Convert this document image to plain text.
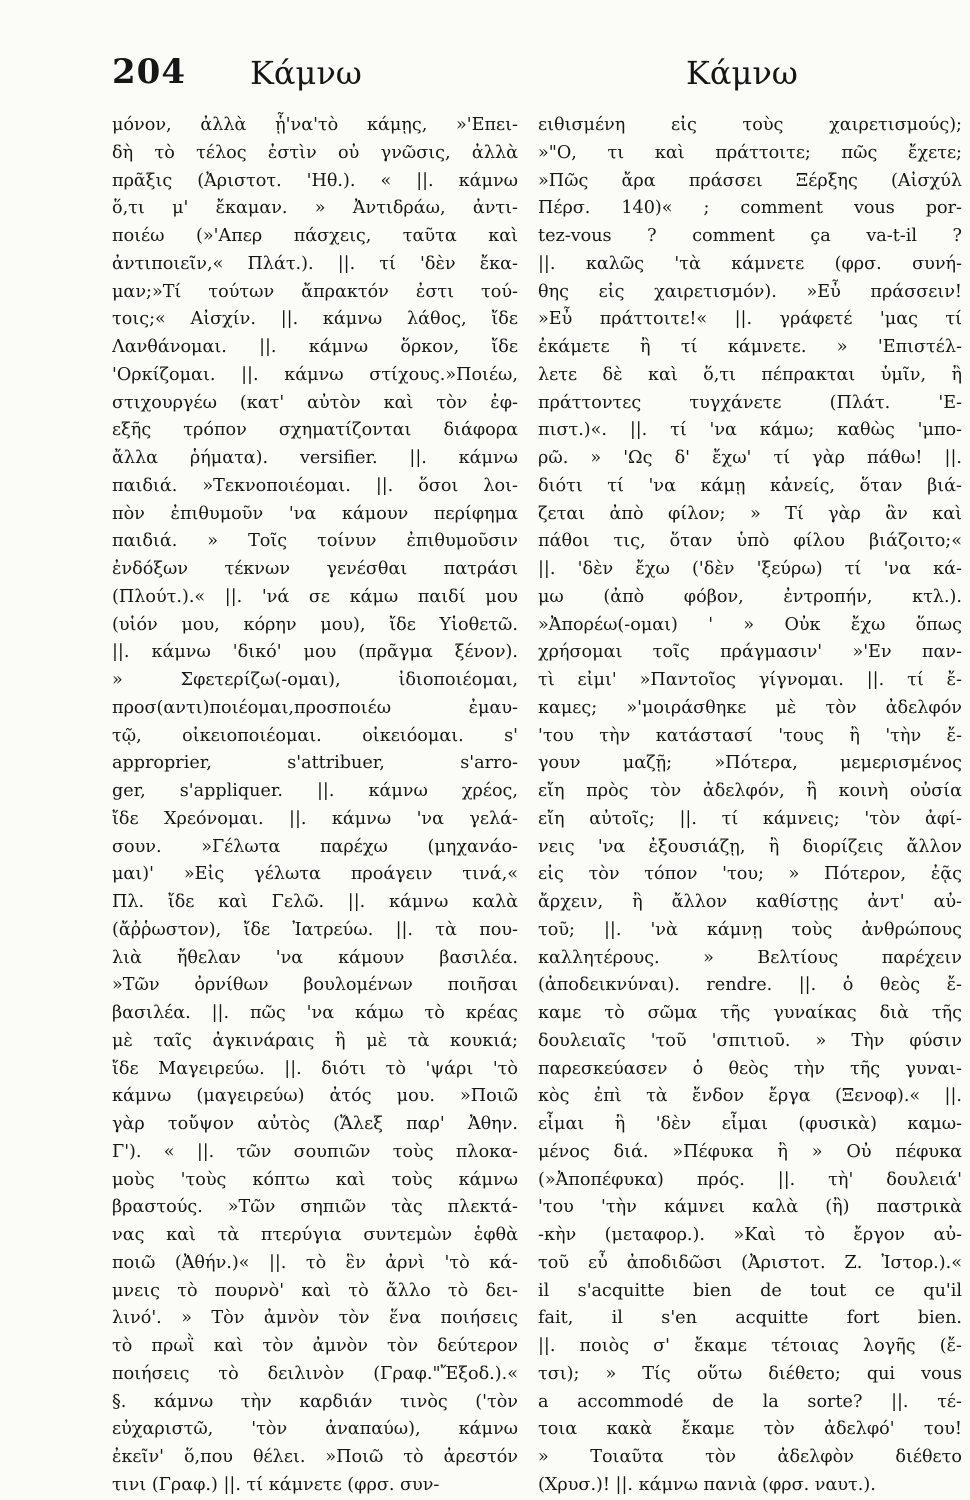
204 Κάμνω	Κάμνω
μόνον, ἀλλὰ ᾗ'να'τὸ κάμῃς, »'Επει-
δὴ τὸ τέλος ἐστὶν οὐ γνῶσις, ἀλλὰ
πρᾶξις (Ἀριστοτ. 'Ηθ.). « ||. κάμνω
ὅ,τι μ' ἔκαμαν. » Ἀντιδράω, ἀντι-
ποιέω (»'Απερ πάσχεις, ταῦτα καὶ
ἀντιποιεῖν,« Πλάτ.). ||. τί 'δὲν ἔκα-
μαν;»Τί τούτων ἄπρακτόν ἐστι τού-
τοις;« Αἰσχίν. ||. κάμνω λάθος, ἴδε
Λανθάνομαι. ||. κάμνω ὅρκον, ἴδε
'Ορκίζομαι. ||. κάμνω στίχους.»Ποιέω,
στιχουργέω (κατ' αὐτὸν καὶ τὸν ἐφ-
εξῆς τρόπον σχηματίζονται διάφορα
ἄλλα ῥήματα). versifier. ||. κάμνω
παιδιά. »Τεκνοποιέομαι. ||. ὅσοι λοι-
πὸν ἐπιθυμοῦν 'να κάμουν περίφημα
παιδιά. » Τοῖς τοίνυν ἐπιθυμοῦσιν
ἐνδόξων τέκνων γενέσθαι πατράσι
(Πλούτ.).« ||. 'νά σε κάμω παιδί μου
(υἱόν μου, κόρην μου), ἴδε Υἱοθετῶ.
||. κάμνω 'δικό' μου (πρᾶγμα ξένον).
» Σφετερίζω(-ομαι), ἰδιοποιέομαι,
προσ(αντι)ποιέομαι,προσποιέω ἐμαυ-
τῷ, οἰκειοποιέομαι. οἰκειόομαι. s'
approprier, s'attribuer, s'arro-
ger, s'appliquer. ||. κάμνω χρέος,
ἴδε Χρεόνομαι. ||. κάμνω 'να γελά-
σουν. »Γέλωτα παρέχω (μηχανάο-
μαι)' »Εἰς γέλωτα προάγειν τινά,«
Πλ. ἴδε καὶ Γελῶ. ||. κάμνω καλὰ
(ἄῤῥωστον), ἴδε Ἰατρεύω. ||. τὰ που-
λιὰ ἤθελαν 'να κάμουν βασιλέα.
»Τῶν ὀρνίθων βουλομένων ποιῆσαι
βασιλέα. ||. πῶς 'να κάμω τὸ κρέας
μὲ ταῖς ἀγκινάραις ἢ μὲ τὰ κουκιά;
ἴδε Μαγειρεύω. ||. διότι τὸ 'ψάρι 'τὸ
κάμνω (μαγειρεύω) ἀτός μου. »Ποιῶ
γὰρ τοὔψον αὐτὸς (Ἄλεξ παρ' Ἀθην.
Γ'). « ||. τῶν σουπιῶν τοὺς πλοκα-
μοὺς 'τοὺς κόπτω καὶ τοὺς κάμνω
βραστούς. »Τῶν σηπιῶν τὰς πλεκτά-
νας καὶ τὰ πτερύγια συντεμὼν ἑφθὰ
ποιῶ (Ἀθήν.)« ||. τὸ ἓν ἀρνὶ 'τὸ κά-
μνεις τὸ πουρνὸ' καὶ τὸ ἄλλο τὸ δει-
λινό'. » Τὸν ἀμνὸν τὸν ἕνα ποιήσεις
τὸ πρωῒ καὶ τὸν ἀμνὸν τὸν δεύτερον
ποιήσεις τὸ δειλινὸν (Γραφ."Ἔξοδ.).«
§. κάμνω τὴν καρδιάν τινὸς ('τὸν
εὐχαριστῶ, 'τὸν ἀναπαύω), κάμνω
ἐκεῖν' ὅ,που θέλει. »Ποιῶ τὸ ἀρεστόν
τινι (Γραφ.) ||. τί κάμνετε (φρσ. συν-
ειθισμένη εἰς τοὺς χαιρετισμούς);
»"Ο, τι καὶ πράττοιτε; πῶς ἔχετε;
»Πῶς ἄρα πράσσει Ξέρξης (Αἰσχύλ
Πέρσ. 140)« ; comment vous por-
tez-vous ? comment ça va-t-il ?
||. καλῶς 'τὰ κάμνετε (φρσ. συνή-
θης εἰς χαιρετισμόν). »Εὖ πράσσειν!
»Εὖ πράττοιτε!« ||. γράφετέ 'μας τί
ἐκάμετε ἢ τί κάμνετε. » 'Επιστέλ-
λετε δὲ καὶ ὅ,τι πέπρακται ὑμῖν, ἢ
πράττοντες τυγχάνετε (Πλάτ. 'Ε-
πιστ.)«. ||. τί 'να κάμω; καθὼς 'μπο-
ρῶ. » 'Ως δ' ἔχω' τί γὰρ πάθω! ||.
διότι τί 'να κάμῃ κἀνείς, ὅταν βιά-
ζεται ἀπὸ φίλον; » Τί γὰρ ἂν καὶ
πάθοι τις, ὅταν ὑπὸ φίλου βιάζοιτο;«
||. 'δὲν ἔχω ('δὲν 'ξεύρω) τί 'να κά-
μω (ἀπὸ φόβον, ἐντροπήν, κτλ.).
»Ἀπορέω(-ομαι) ' » Οὐκ ἔχω ὅπως
χρήσομαι τοῖς πράγμασιν' »'Εν παν-
τὶ εἰμι' »Παντοῖος γίγνομαι. ||. τί ἔ-
καμες; »'μοιράσθηκε μὲ τὸν ἀδελφόν
'του τὴν κατάστασί 'τους ἢ 'τὴν ἔ-
γουν μαζῇ; »Πότερα, μεμερισμένος
εἴη πρὸς τὸν ἀδελφόν, ἢ κοινὴ οὐσία
εἴη αὐτοῖς; ||. τί κάμνεις; 'τὸν ἀφί-
νεις 'να ἐξουσιάζῃ, ἢ διορίζεις ἄλλον
εἰς τὸν τόπον 'του; » Πότερον, ἐᾷς
ἄρχειν, ἢ ἄλλον καθίστῃς ἀντ' αὐ-
τοῦ; ||. 'νὰ κάμνῃ τοὺς ἀνθρώπους
καλλητέρους. » Βελτίους παρέχειν
(ἀποδεικνύναι). rendre. ||. ὁ θεὸς ἔ-
καμε τὸ σῶμα τῆς γυναίκας διὰ τῆς
δουλειαῖς 'τοῦ 'σπιτιοῦ. » Τὴν φύσιν
παρεσκεύασεν ὁ θεὸς τὴν τῆς γυναι-
κὸς ἐπὶ τὰ ἔνδον ἔργα (Ξενοφ).« ||.
εἶμαι ἢ 'δὲν εἶμαι (φυσικὰ) καμω-
μένος διά. »Πέφυκα ἢ » Οὐ πέφυκα
(»Ἀποπέφυκα) πρός. ||. τὴ' δουλειά'
'του 'τὴν κάμνει καλὰ (ἢ) παστρικὰ
-κὴν (μεταφορ.). »Καὶ τὸ ἔργον αὐ-
τοῦ εὖ ἀποδιδῶσι (Ἀριστοτ. Ζ. Ἰστορ.).«
il s'acquitte bien de tout ce qu'il
fait, il s'en acquitte fort bien.
||. ποιὸς σ' ἔκαμε τέτοιας λογῆς (ἔ-
τσι); » Τίς οὕτω διέθετο; qui vous
a accommodé de la sorte? ||. τέ-
τοια κακὰ ἔκαμε τὸν ἀδελφό' του!
» Τοιαῦτα τὸν ἀδελφὸν διέθετο
(Χρυσ.)! ||. κάμνω πανιὰ (φρσ. ναυτ.).
